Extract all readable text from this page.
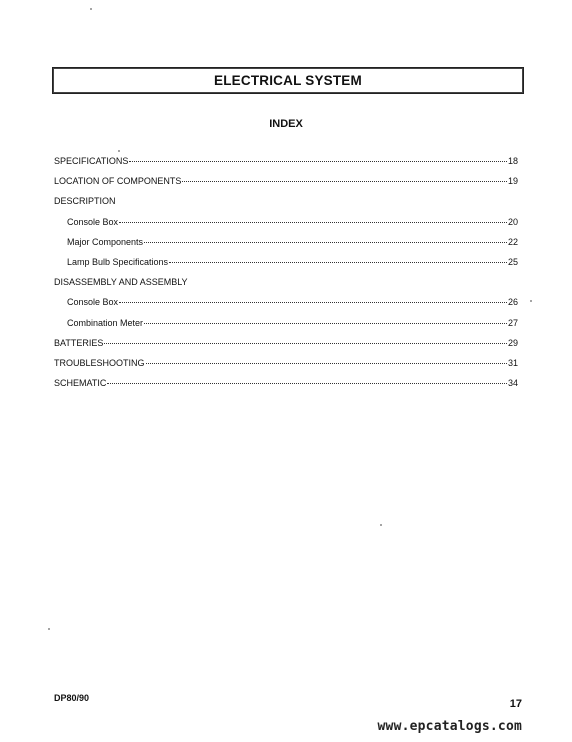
ELECTRICAL SYSTEM
INDEX
SPECIFICATIONS	18
LOCATION OF COMPONENTS	19
DESCRIPTION
Console Box	20
Major Components	22
Lamp Bulb Specifications	25
DISASSEMBLY AND ASSEMBLY
Console Box	26
Combination Meter	27
BATTERIES	29
TROUBLESHOOTING	31
SCHEMATIC	34
DP80/90	17
www.epcatalogs.com
